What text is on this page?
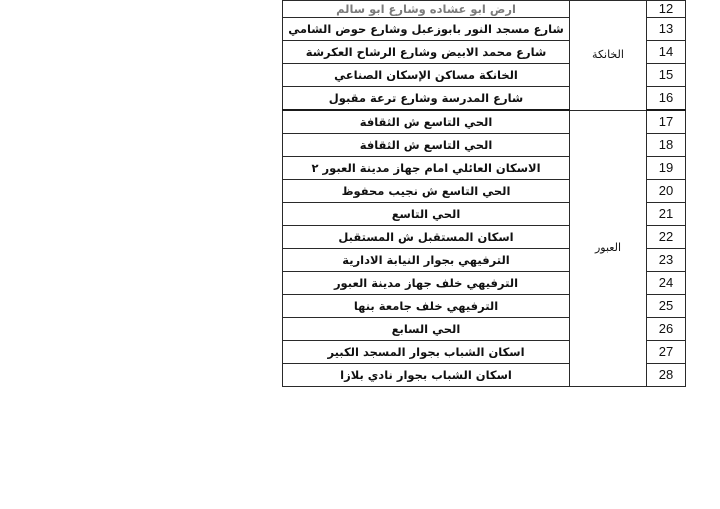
ارض ابو عشاده وشارع ابو سالم	الخانكة	12
شارع مسجد النور بابوزعبل وشارع حوض الشامي		13
شارع محمد الابيض وشارع الرشاح العكرشة		14
الخانكة مساكن الإسكان الصناعي		15
شارع المدرسة وشارع ترعة مقبول		16
الحي التاسع ش الثقافة	العبور	17
الحي التاسع ش الثقافة		18
الاسكان العائلي امام جهاز مدينة العبور ٢		19
الحي التاسع ش نجيب محفوظ		20
الحي التاسع		21
اسكان المستقبل ش المستقبل		22
الترفيهي بجوار النيابة الادارية		23
الترفيهي خلف جهاز مدينة العبور		24
الترفيهي خلف جامعة بنها		25
الحي السابع		26
اسكان الشباب بجوار المسجد الكبير		27
اسكان الشباب بجوار نادي بلازا		28
